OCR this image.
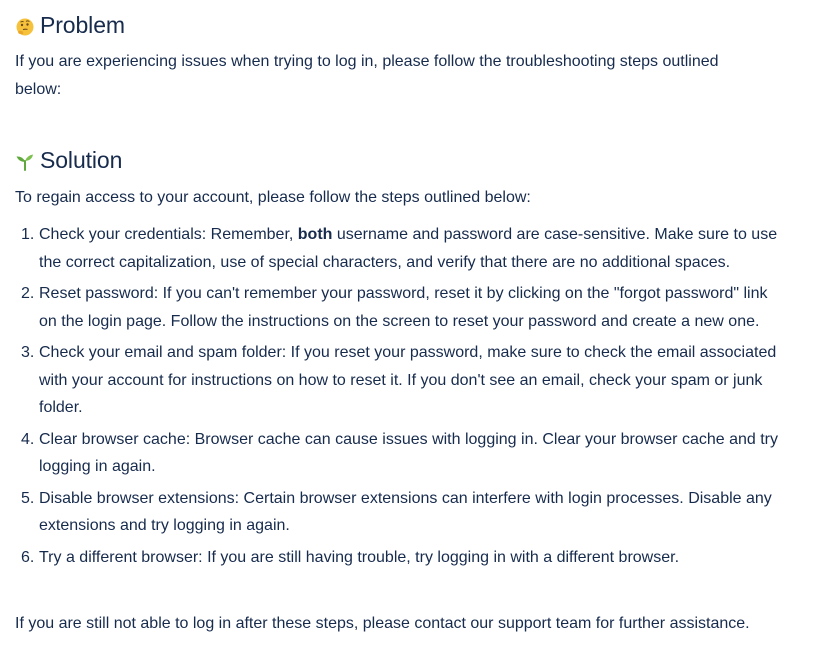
Problem

If you are experiencing issues when trying to log in, please follow the troubleshooting steps outlined below:

Solution

To regain access to your account, please follow the steps outlined below:

1. Check your credentials: Remember, both username and password are case-sensitive. Make sure to use the correct capitalization, use of special characters, and verify that there are no additional spaces.
2. Reset password: If you can't remember your password, reset it by clicking on the "forgot password" link on the login page. Follow the instructions on the screen to reset your password and create a new one.
3. Check your email and spam folder: If you reset your password, make sure to check the email associated with your account for instructions on how to reset it. If you don't see an email, check your spam or junk folder.
4. Clear browser cache: Browser cache can cause issues with logging in. Clear your browser cache and try logging in again.
5. Disable browser extensions: Certain browser extensions can interfere with login processes. Disable any extensions and try logging in again.
6. Try a different browser: If you are still having trouble, try logging in with a different browser.

If you are still not able to log in after these steps, please contact our support team for further assistance.
